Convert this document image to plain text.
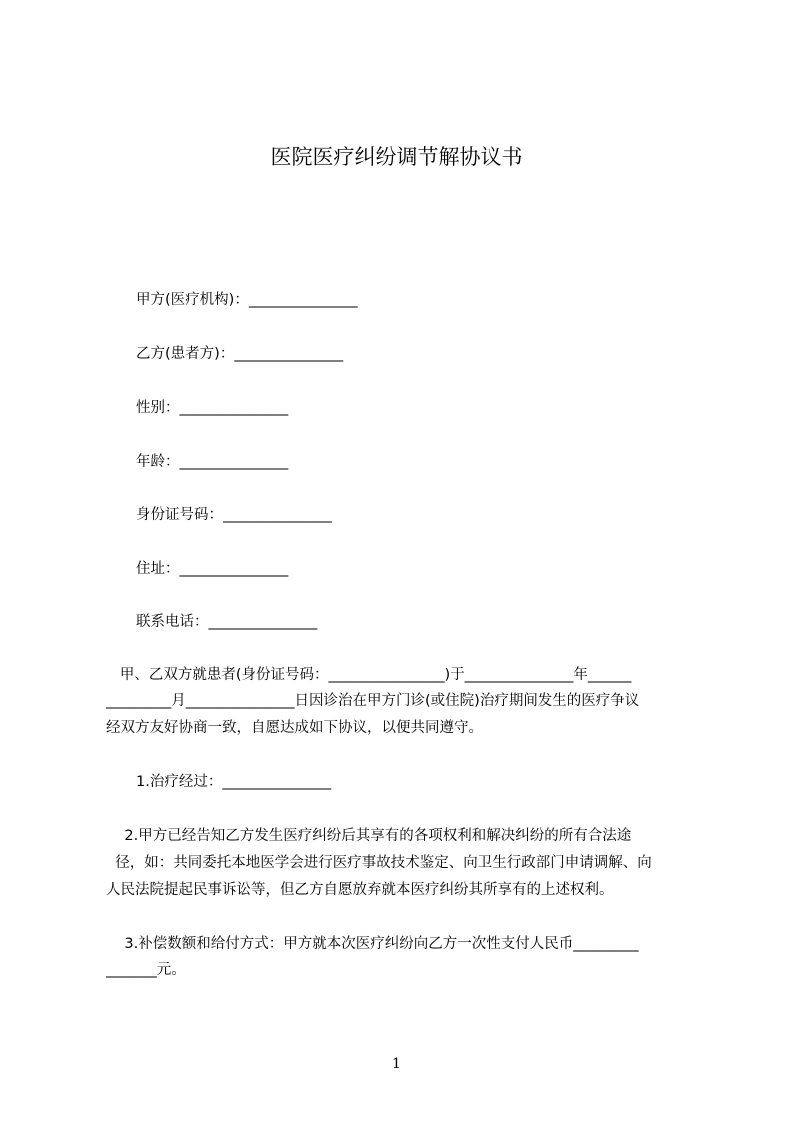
医院医疗纠纷调节解协议书
甲方(医疗机构)：_______________
乙方(患者方)：_______________
性别：_______________
年龄：_______________
身份证号码：_______________
住址：_______________
联系电话：_______________
甲、乙双方就患者(身份证号码：________________)于_______________年______
_________月_______________日因诊治在甲方门诊(或住院)治疗期间发生的医疗争议
经双方友好协商一致，自愿达成如下协议，以便共同遵守。
1.治疗经过：_______________
2.甲方已经告知乙方发生医疗纠纷后其享有的各项权利和解决纠纷的所有合法途
径，如：共同委托本地医学会进行医疗事故技术鉴定、向卫生行政部门申请调解、向
人民法院提起民事诉讼等，但乙方自愿放弃就本医疗纠纷其所享有的上述权利。
3.补偿数额和给付方式：甲方就本次医疗纠纷向乙方一次性支付人民币_________
_______元。
1
